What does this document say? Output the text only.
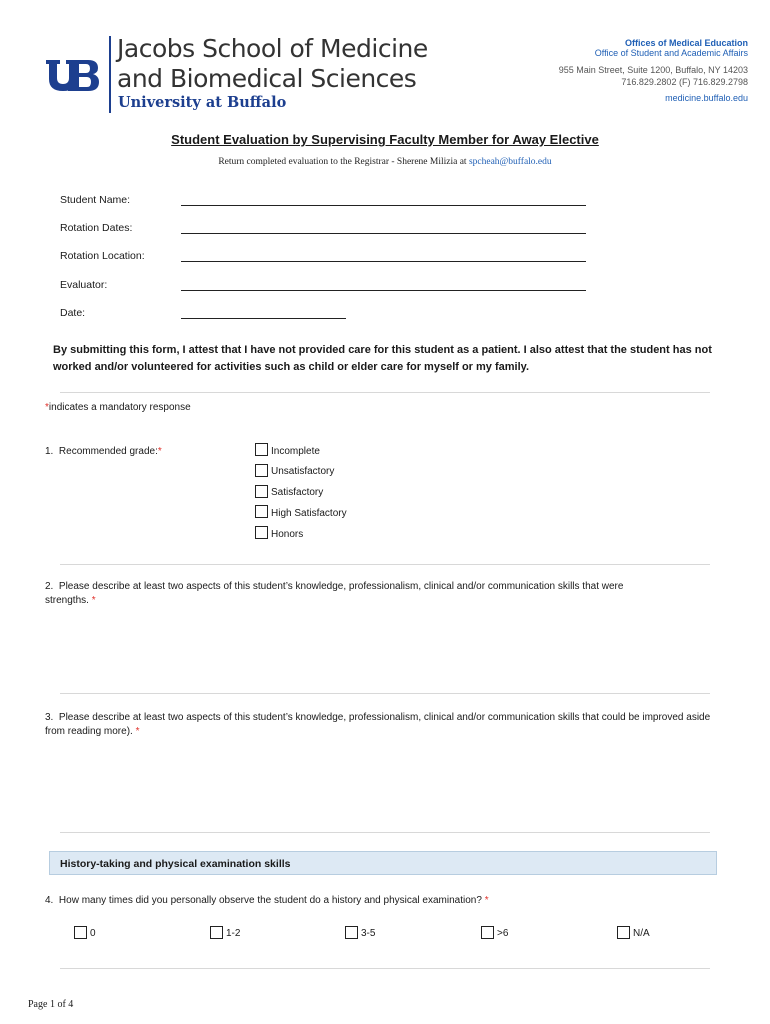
Jacobs School of Medicine
and Biomedical Sciences
University at Buffalo
Offices of Medical Education
Office of Student and Academic Affairs
955 Main Street, Suite 1200, Buffalo, NY 14203
716.829.2802 (F) 716.829.2798
medicine.buffalo.edu
Student Evaluation by Supervising Faculty Member for Away Elective
Return completed evaluation to the Registrar - Sherene Milizia at spcheah@buffalo.edu
Student Name:
Rotation Dates:
Rotation Location:
Evaluator:
Date:
By submitting this form, I attest that I have not provided care for this student as a patient. I also attest that the student has not worked and/or volunteered for activities such as child or elder care for myself or my family.
*indicates a mandatory response
1. Recommended grade:*	Incomplete
Unsatisfactory
Satisfactory
High Satisfactory
Honors
2. Please describe at least two aspects of this student’s knowledge, professionalism, clinical and/or communication skills that were strengths. *
3. Please describe at least two aspects of this student’s knowledge, professionalism, clinical and/or communication skills that could be improved aside from reading more). *
History-taking and physical examination skills
4. How many times did you personally observe the student do a history and physical examination? *
0	1-2	3-5	>6	N/A
Page 1 of 4
